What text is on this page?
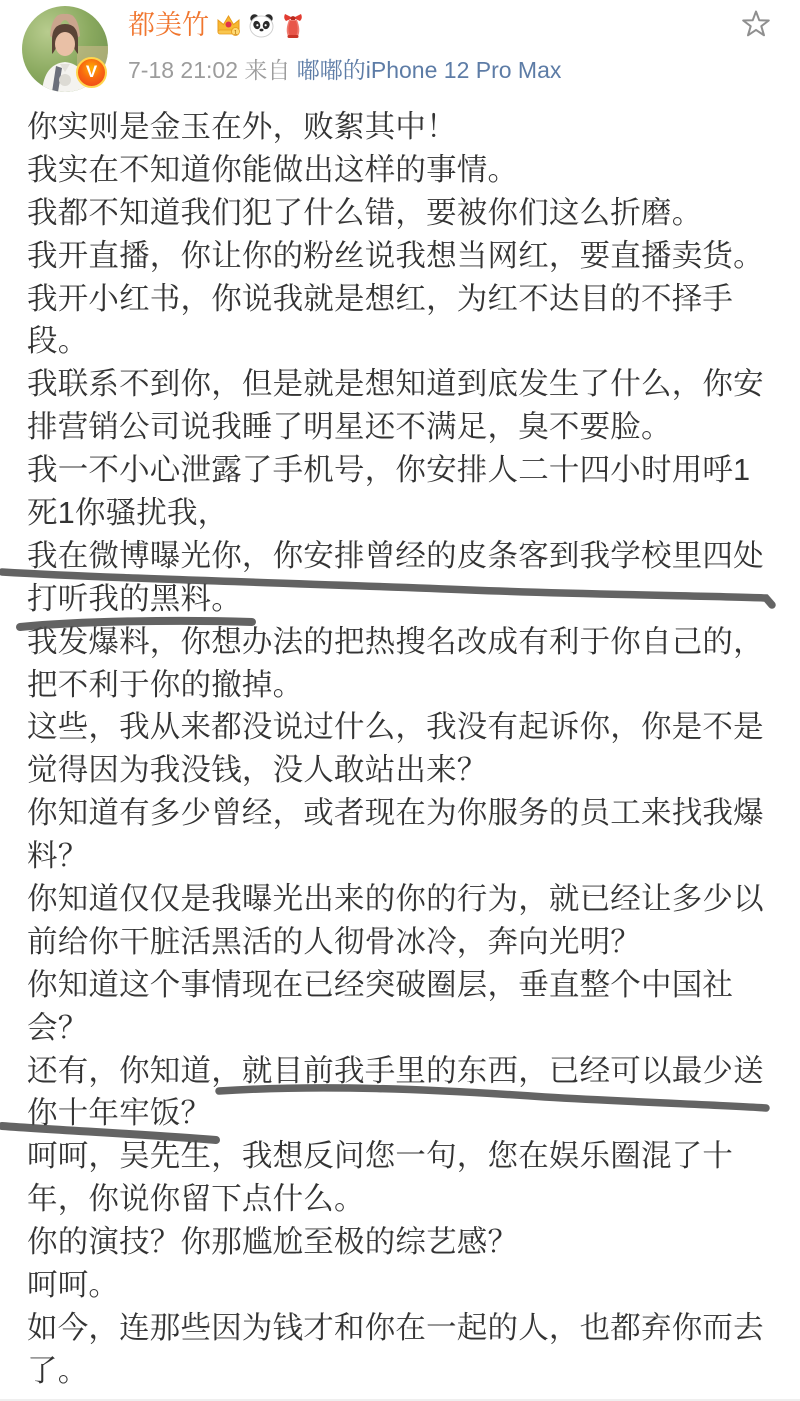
V
都美竹	1
7-18 21:02 来自 嘟嘟的iPhone 12 Pro Max
你实则是金玉在外，败絮其中！
我实在不知道你能做出这样的事情。
我都不知道我们犯了什么错，要被你们这么折磨。
我开直播，你让你的粉丝说我想当网红，要直播卖货。
我开小红书，你说我就是想红，为红不达目的不择手
段。
我联系不到你，但是就是想知道到底发生了什么，你安
排营销公司说我睡了明星还不满足，臭不要脸。
我一不小心泄露了手机号，你安排人二十四小时用呼1
死1你骚扰我，
我在微博曝光你，你安排曾经的皮条客到我学校里四处
打听我的黑料。
我发爆料，你想办法的把热搜名改成有利于你自己的，
把不利于你的撤掉。
这些，我从来都没说过什么，我没有起诉你，你是不是
觉得因为我没钱，没人敢站出来？
你知道有多少曾经，或者现在为你服务的员工来找我爆
料？
你知道仅仅是我曝光出来的你的行为，就已经让多少以
前给你干脏活黑活的人彻骨冰冷，奔向光明？
你知道这个事情现在已经突破圈层，垂直整个中国社
会？
还有，你知道，就目前我手里的东西，已经可以最少送
你十年牢饭？
呵呵，吴先生，我想反问您一句，您在娱乐圈混了十
年，你说你留下点什么。
你的演技？你那尴尬至极的综艺感？
呵呵。
如今，连那些因为钱才和你在一起的人，也都弃你而去
了。
